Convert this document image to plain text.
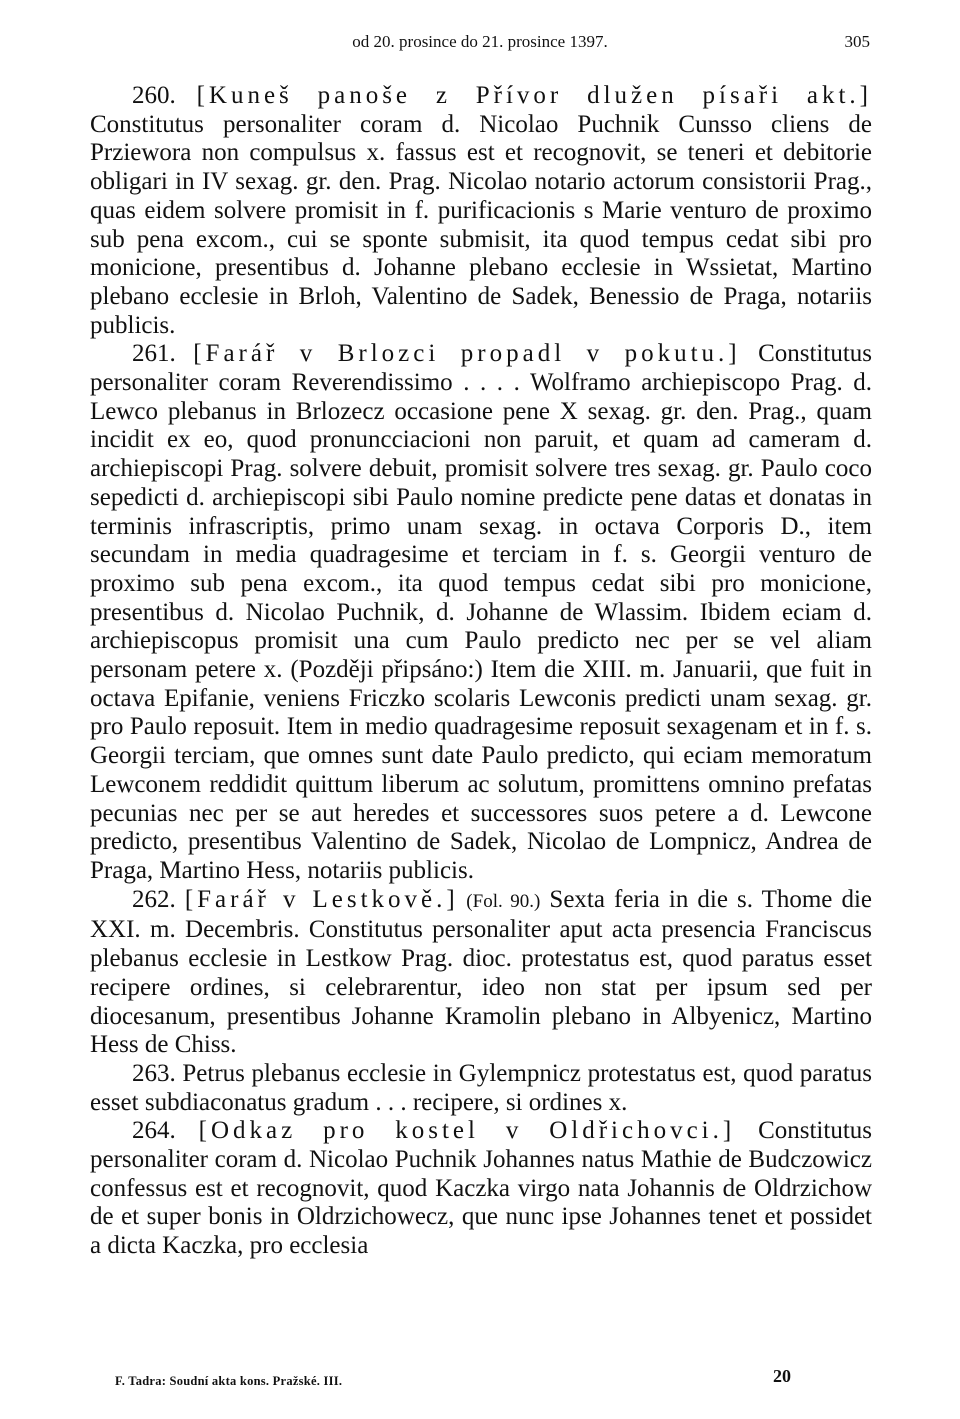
od 20. prosince do 21. prosince 1397.	305

260. [Kuneš panoše z Přívor dlužen písaři akt.] Constitutus personaliter coram d. Nicolao Puchnik Cunsso cliens de Przieworа non compulsus x. fassus est et recognovit, se teneri et debitorie obligari in IV sexag. gr. den. Prag. Nicolao notario actorum consistorii Prag., quas eidem solvere promisit in f. purificacionis s Marie venturo de proximo sub pena excom., cui se sponte submisit, ita quod tempus cedat sibi pro monicione, presentibus d. Johanne plebano ecclesie in Wssietat, Martino plebano ecclesie in Brloh, Valentino de Sadek, Benessio de Praga, notariis publicis.

261. [Farář v Brlozci propadl v pokutu.] Constitutus personaliter coram Reverendissimo . . . . Wolframo archiepiscopo Prag. d. Lewco plebanus in Brlozecz occasione pene X sexag. gr. den. Prag., quam incidit ex eo, quod pronuncciacioni non paruit, et quam ad cameram d. archiepiscopi Prag. solvere debuit, promisit solvere tres sexag. gr. Paulo coco sepedicti d. archiepiscopi sibi Paulo nomine predicte pene datas et donatas in terminis infrascriptis, primo unam sexag. in octava Corporis D., item secundam in media quadragesime et terciam in f. s. Georgii venturo de proximo sub pena excom., ita quod tempus cedat sibi pro monicione, presentibus d. Nicolao Puchnik, d. Johanne de Wlassim. Ibidem eciam d. archiepiscopus promisit una cum Paulo predicto nec per se vel aliam personam petere x. (Později připsáno:) Item die XIII. m. Januarii, que fuit in octava Epifanie, veniens Friczko scolaris Lewconis predicti unam sexag. gr. pro Paulo reposuit. Item in medio quadragesime reposuit sexagenam et in f. s. Georgii terciam, que omnes sunt date Paulo predicto, qui eciam memoratum Lewconem reddidit quittum liberum ac solutum, promittens omnino prefatas pecunias nec per se aut heredes et successores suos petere a d. Lewcone predicto, presentibus Valentino de Sadek, Nicolao de Lompnicz, Andrea de Praga, Martino Hess, notariis publicis.

262. [Farář v Lestkově.] (Fol. 90.) Sexta feria in die s. Thome die XXI. m. Decembris. Constitutus personaliter aput acta presencia Franciscus plebanus ecclesie in Lestkow Prag. dioc. protestatus est, quod paratus esset recipere ordines, si celebrarentur, ideo non stat per ipsum sed per diocesanum, presentibus Johanne Kramolin plebano in Albyenicz, Martino Hess de Chiss.

263. Petrus plebanus ecclesie in Gylempnicz protestatus est, quod paratus esset subdiaconatus gradum . . . recipere, si ordines x.

264. [Odkaz pro kostel v Oldřichovci.] Constitutus personaliter coram d. Nicolao Puchnik Johannes natus Mathie de Budczowicz confessus est et recognovit, quod Kaczka virgo nata Johannis de Oldrzichow de et super bonis in Oldrzichowecz, que nunc ipse Johannes tenet et possidet a dicta Kaczka, pro ecclesia

F. Tadra: Soudní akta kons. Pražské. III.	20
